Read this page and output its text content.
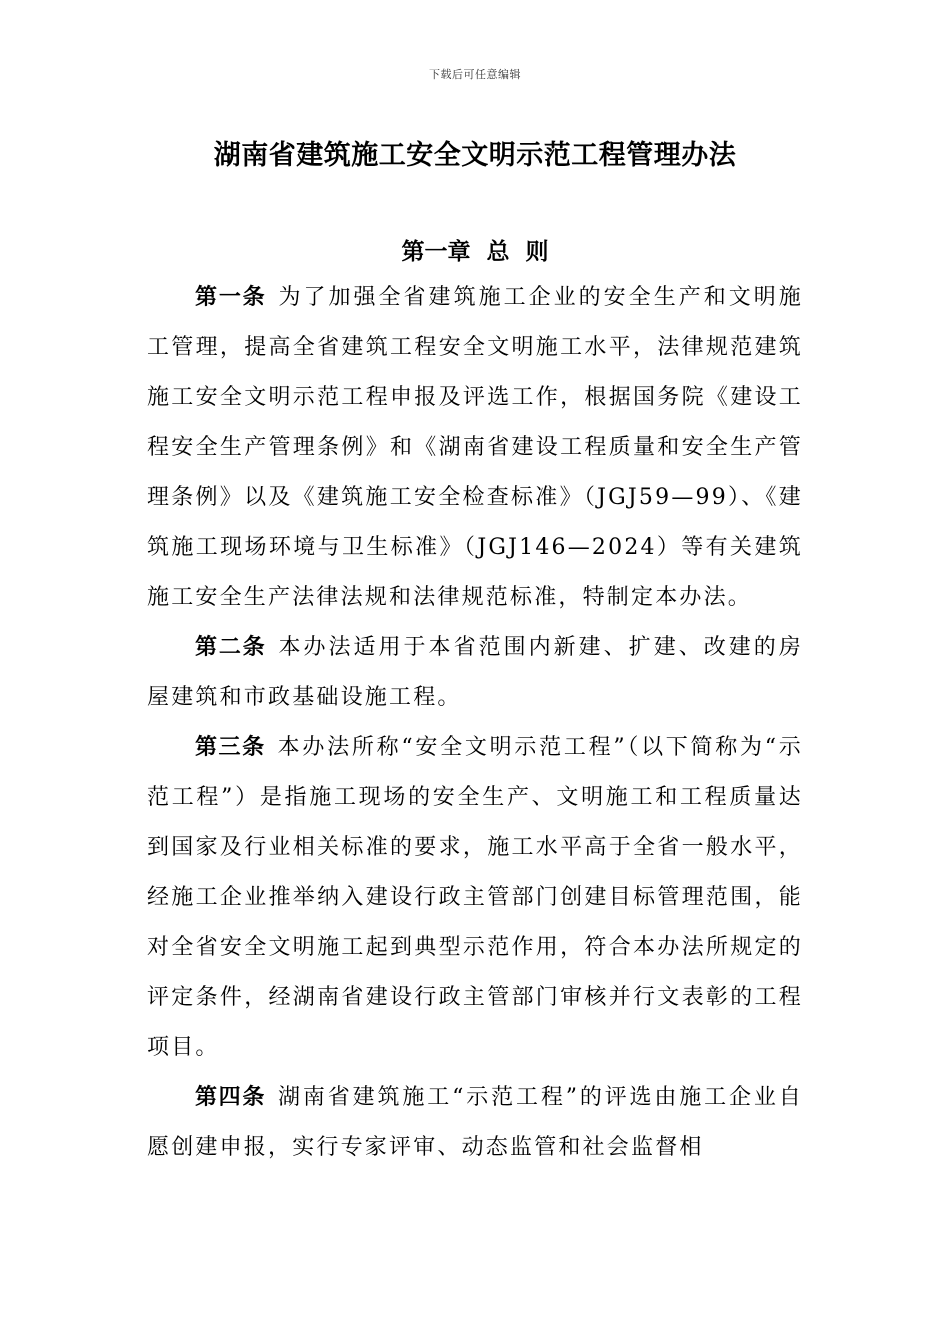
下载后可任意编辑
湖南省建筑施工安全文明示范工程管理办法
第一章  总  则

第一条 为了加强全省建筑施工企业的安全生产和文明施工管理，提高全省建筑工程安全文明施工水平，法律规范建筑施工安全文明示范工程申报及评选工作，根据国务院《建设工程安全生产管理条例》和《湖南省建设工程质量和安全生产管理条例》以及《建筑施工安全检查标准》（JGJ59—99）、《建筑施工现场环境与卫生标准》（JGJ146—2024）等有关建筑施工安全生产法律法规和法律规范标准，特制定本办法。

第二条 本办法适用于本省范围内新建、扩建、改建的房屋建筑和市政基础设施工程。

第三条 本办法所称“安全文明示范工程”（以下简称为“示范工程”）是指施工现场的安全生产、文明施工和工程质量达到国家及行业相关标准的要求，施工水平高于全省一般水平，经施工企业推举纳入建设行政主管部门创建目标管理范围，能对全省安全文明施工起到典型示范作用，符合本办法所规定的评定条件，经湖南省建设行政主管部门审核并行文表彰的工程项目。

第四条 湖南省建筑施工“示范工程”的评选由施工企业自愿创建申报，实行专家评审、动态监管和社会监督相
